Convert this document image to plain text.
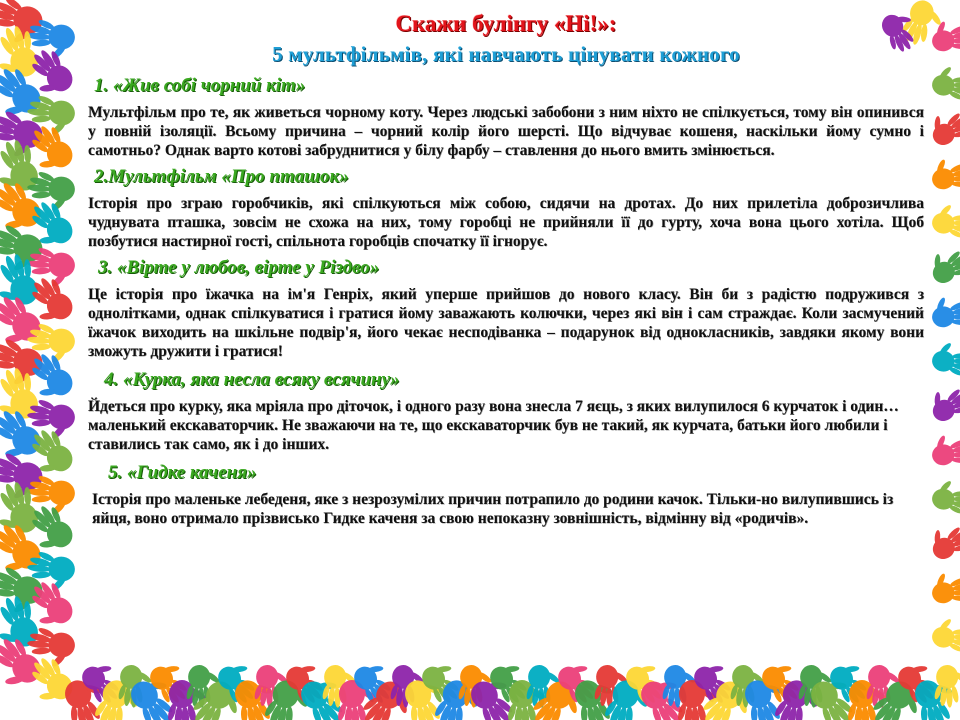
Скажи булінгу «Ні!»:
5 мультфільмів, які навчають цінувати кожного
1. «Жив собі чорний кіт»

Мультфільм про те, як живеться чорному коту. Через людські забобони з ним ніхто не спілкується, тому він опинився у повній ізоляції. Всьому причина – чорний колір його шерсті. Що відчуває кошеня, наскільки йому сумно і самотньо? Однак варто котові забруднитися у білу фарбу – ставлення до нього вмить змінюється.

2.Мультфільм «Про пташок»

Історія про зграю горобчиків, які спілкуються між собою, сидячи на дротах. До них прилетіла доброзичлива чуднувата пташка, зовсім не схожа на них, тому горобці не прийняли її до гурту, хоча вона цього хотіла. Щоб позбутися настирної гості, спільнота горобців спочатку її ігнорує.

3. «Вірте у любов, вірте у Різдво»

Це історія про їжачка на ім'я Генріх, який уперше прийшов до нового класу. Він би з радістю подружився з однолітками, однак спілкуватися і гратися йому заважають колючки, через які він і сам страждає. Коли засмучений їжачок виходить на шкільне подвір'я, його чекає несподіванка – подарунок від однокласників, завдяки якому вони зможуть дружити і гратися!

4. «Курка, яка несла всяку всячину»

Йдеться про курку, яка мріяла про діточок, і одного разу вона знесла 7 яєць, з яких вилупилося 6 курчаток і один… маленький екскаваторчик. Не зважаючи на те, що екскаваторчик був не такий, як курчата, батьки його любили і ставились так само, як і до інших.

5. «Гидке каченя»

Історія про маленьке лебеденя, яке з незрозумілих причин потрапило до родини качок. Тільки-но вилупившись із яйця, воно отримало прізвисько Гидке каченя за свою непоказну зовнішність, відмінну від «родичів».
